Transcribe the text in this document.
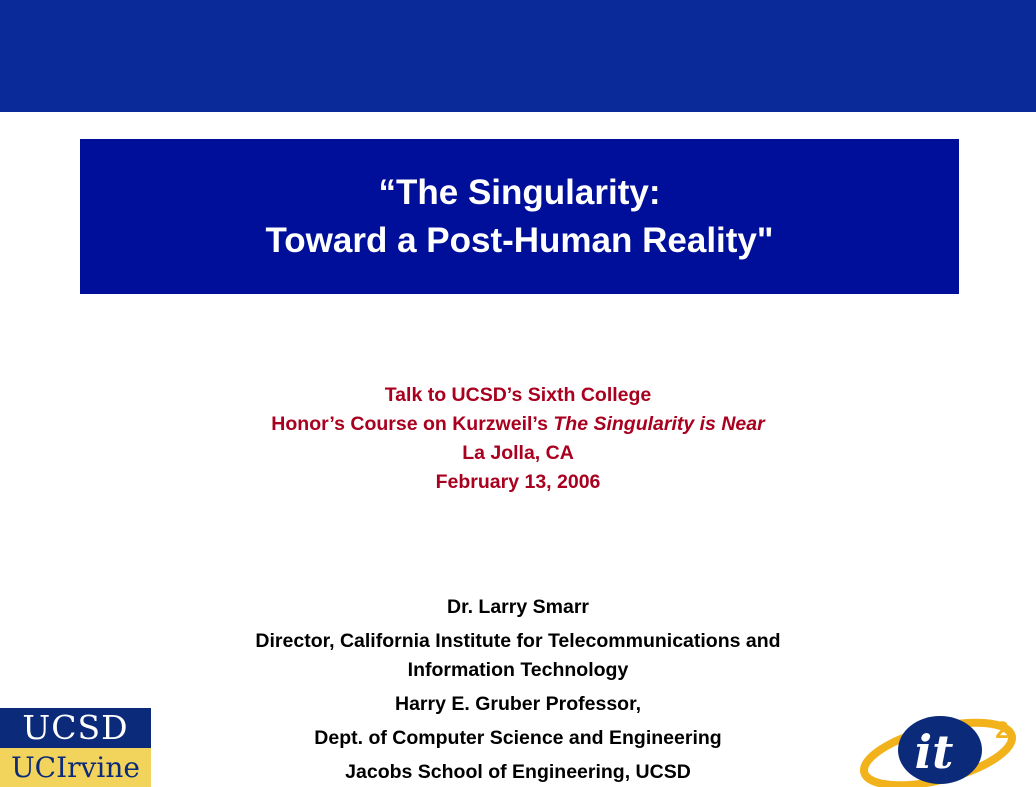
“The Singularity:
Toward a Post-Human Reality"
Talk to UCSD’s Sixth College
Honor’s Course on Kurzweil’s The Singularity is Near
La Jolla, CA
February 13, 2006
Dr. Larry Smarr
Director, California Institute for Telecommunications and
Information Technology
Harry E. Gruber Professor,
Dept. of Computer Science and Engineering
Jacobs School of Engineering, UCSD
UCSD
UCIrvine	it 2
